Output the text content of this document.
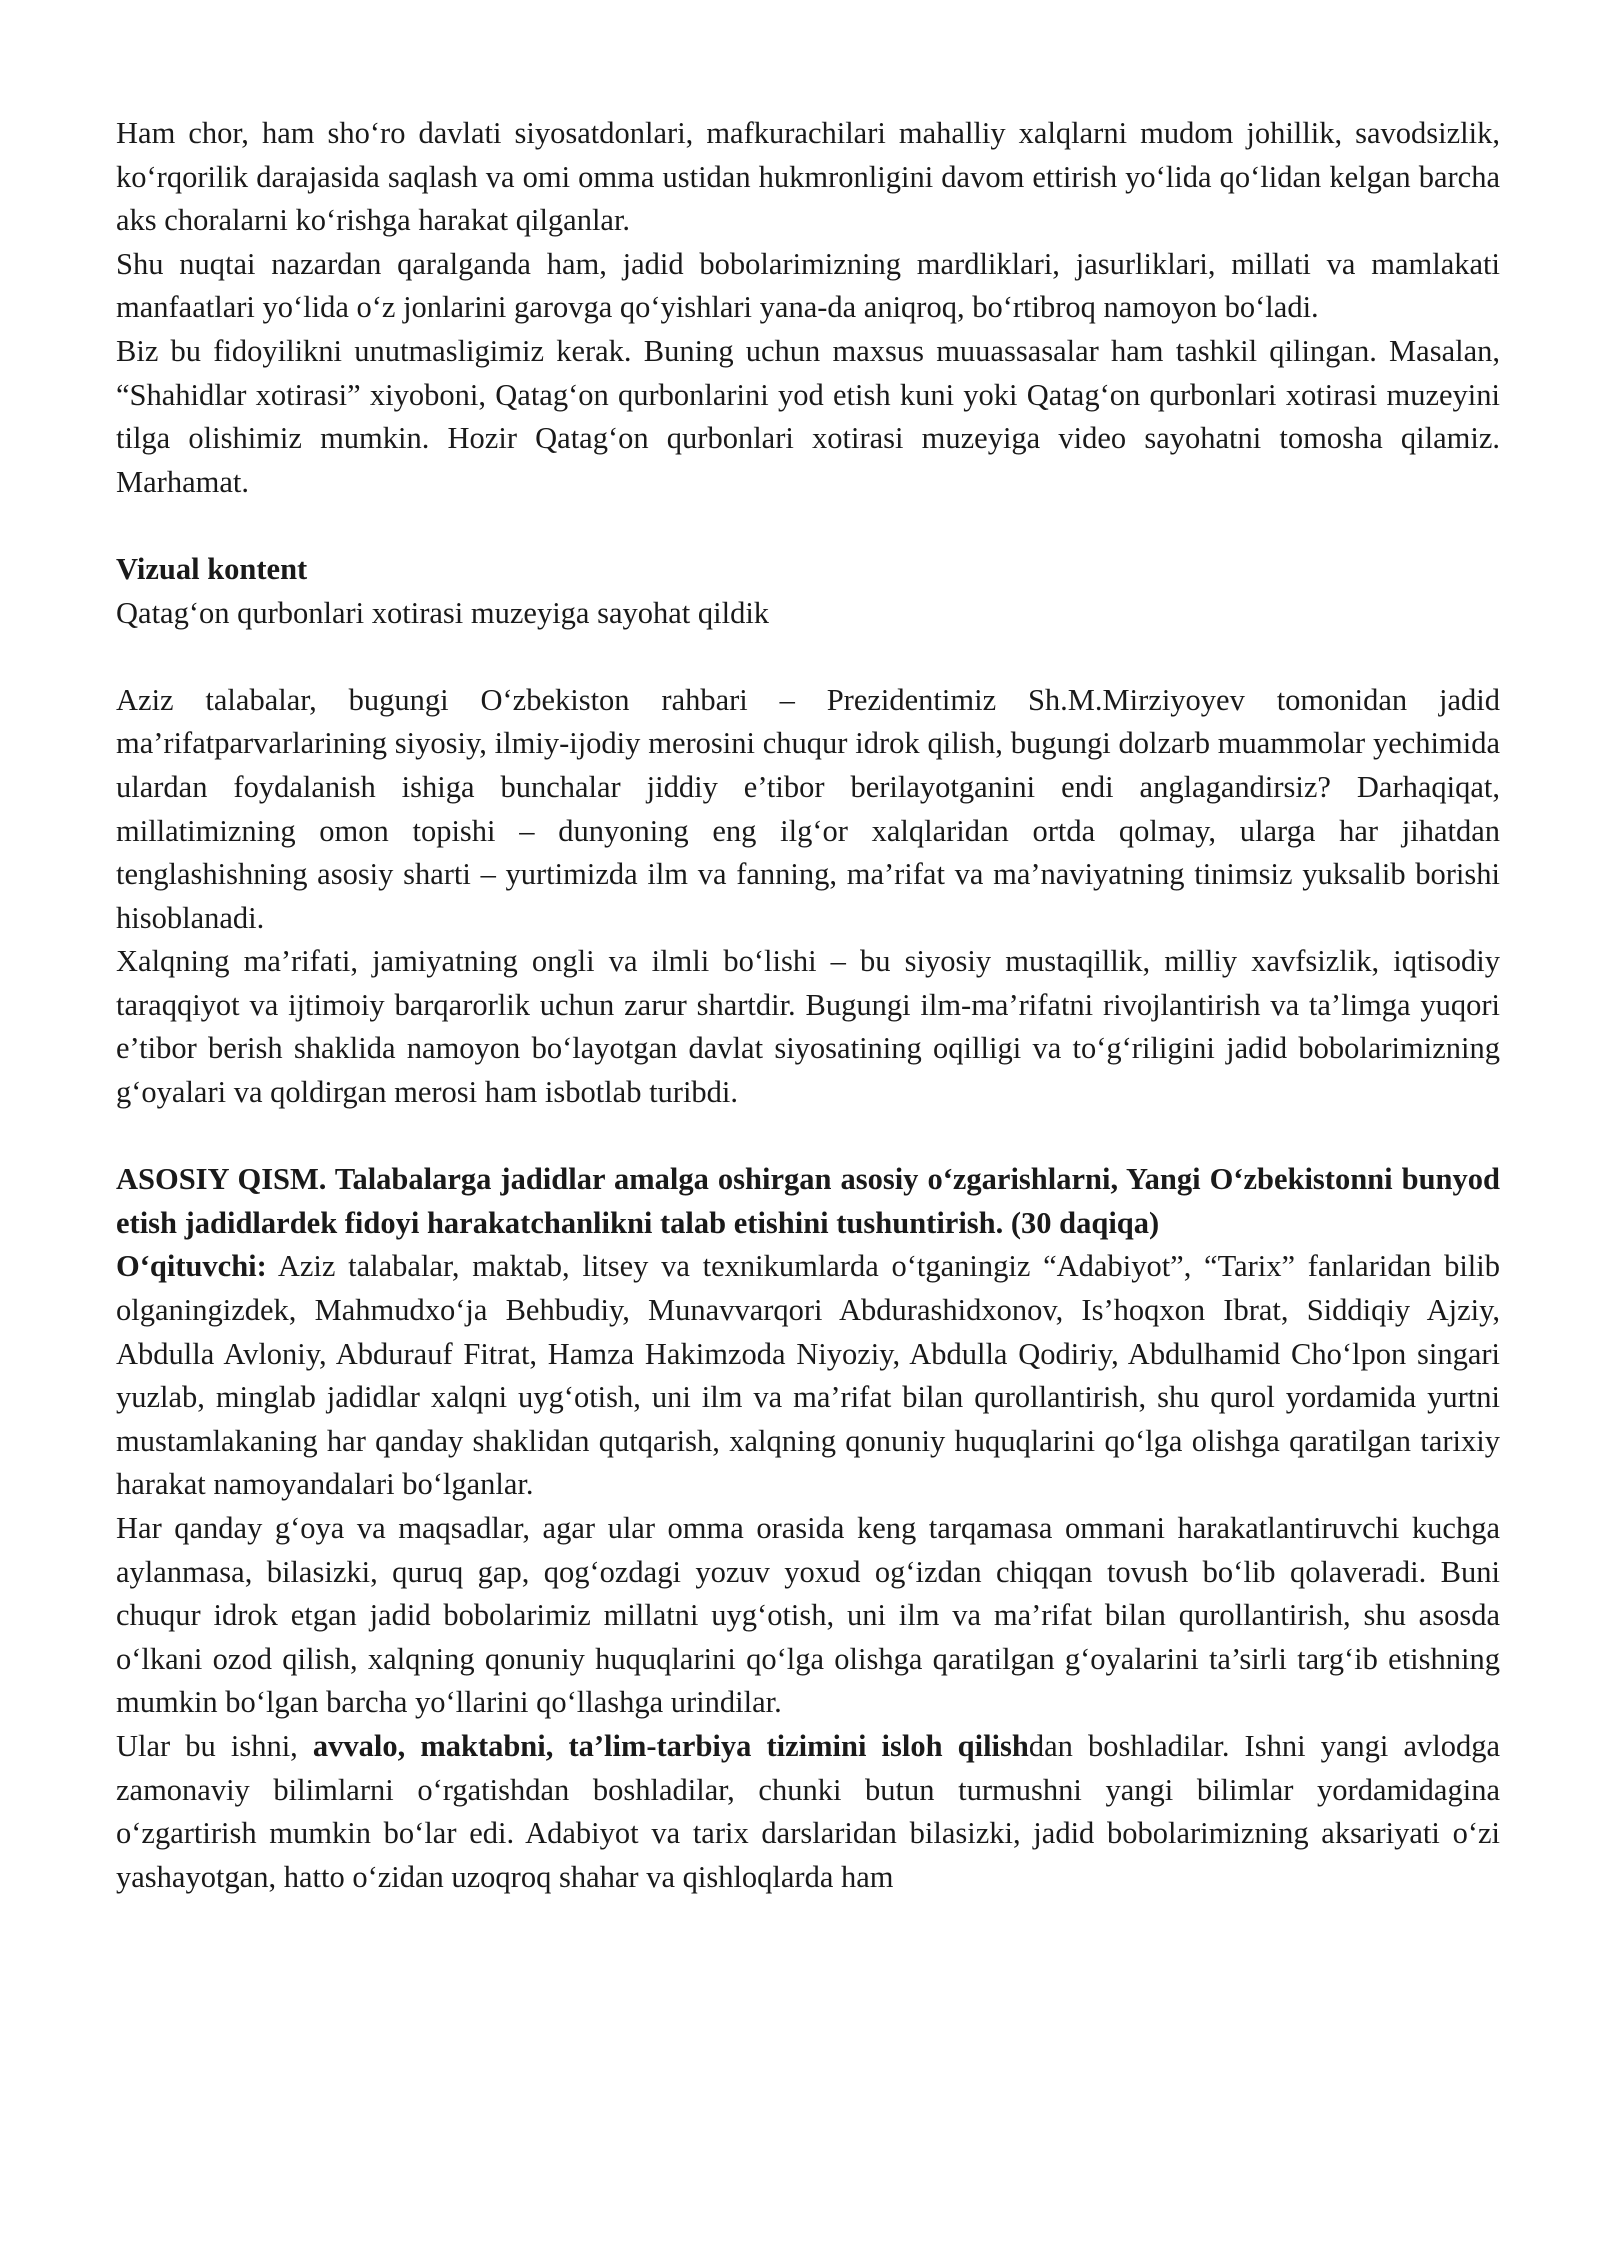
Ham chor, ham sho‘ro davlati siyosatdonlari, mafkurachilari mahalliy xalqlarni mudom johillik, savodsizlik, ko‘rqorilik darajasida saqlash va omi omma ustidan hukmronligini davom ettirish yo‘lida qo‘lidan kelgan barcha aks choralarni ko‘rishga harakat qilganlar.

Shu nuqtai nazardan qaralganda ham, jadid bobolarimizning mardliklari, jasurliklari, millati va mamlakati manfaatlari yo‘lida o‘z jonlarini garovga qo‘yishlari yana-da aniqroq, bo‘rtibroq namoyon bo‘ladi.

Biz bu fidoyilikni unutmasligimiz kerak. Buning uchun maxsus muuassasalar ham tashkil qilingan. Masalan, “Shahidlar xotirasi” xiyoboni, Qatag‘on qurbonlarini yod etish kuni yoki Qatag‘on qurbonlari xotirasi muzeyini tilga olishimiz mumkin. Hozir Qatag‘on qurbonlari xotirasi muzeyiga video sayohatni tomosha qilamiz. Marhamat.

Vizual kontent

Qatag‘on qurbonlari xotirasi muzeyiga sayohat qildik

Aziz talabalar, bugungi O‘zbekiston rahbari – Prezidentimiz Sh.M.Mirziyoyev tomonidan jadid ma’rifatparvarlarining siyosiy, ilmiy-ijodiy merosini chuqur idrok qilish, bugungi dolzarb muammolar yechimida ulardan foydalanish ishiga bunchalar jiddiy e’tibor berilayotganini endi anglagandirsiz? Darhaqiqat, millatimizning omon topishi – dunyoning eng ilg‘or xalqlaridan ortda qolmay, ularga har jihatdan tenglashishning asosiy sharti – yurtimizda ilm va fanning, ma’rifat va ma’naviyatning tinimsiz yuksalib borishi hisoblanadi.

Xalqning ma’rifati, jamiyatning ongli va ilmli bo‘lishi – bu siyosiy mustaqillik, milliy xavfsizlik, iqtisodiy taraqqiyot va ijtimoiy barqarorlik uchun zarur shartdir. Bugungi ilm-ma’rifatni rivojlantirish va ta’limga yuqori e’tibor berish shaklida namoyon bo‘layotgan davlat siyosatining oqilligi va to‘g‘riligini jadid bobolarimizning g‘oyalari va qoldirgan merosi ham isbotlab turibdi.

ASOSIY QISM. Talabalarga jadidlar amalga oshirgan asosiy o‘zgarishlarni, Yangi O‘zbekistonni bunyod etish jadidlardek fidoyi harakatchanlikni talab etishini tushuntirish. (30 daqiqa)

O‘qituvchi: Aziz talabalar, maktab, litsey va texnikumlarda o‘tganingiz “Adabiyot”, “Tarix” fanlaridan bilib olganingizdek, Mahmudxo‘ja Behbudiy, Munavvarqori Abdurashidxonov, Is’hoqxon Ibrat, Siddiqiy Ajziy, Abdulla Avloniy, Abdurauf Fitrat, Hamza Hakimzoda Niyoziy, Abdulla Qodiriy, Abdulhamid Cho‘lpon singari yuzlab, minglab jadidlar xalqni uyg‘otish, uni ilm va ma’rifat bilan qurollantirish, shu qurol yordamida yurtni mustamlakaning har qanday shaklidan qutqarish, xalqning qonuniy huquqlarini qo‘lga olishga qaratilgan tarixiy harakat namoyandalari bo‘lganlar.

Har qanday g‘oya va maqsadlar, agar ular omma orasida keng tarqamasa ommani harakatlantiruvchi kuchga aylanmasa, bilasizki, quruq gap, qog‘ozdagi yozuv yoxud og‘izdan chiqqan tovush bo‘lib qolaveradi. Buni chuqur idrok etgan jadid bobolarimiz millatni uyg‘otish, uni ilm va ma’rifat bilan qurollantirish, shu asosda o‘lkani ozod qilish, xalqning qonuniy huquqlarini qo‘lga olishga qaratilgan g‘oyalarini ta’sirli targ‘ib etishning mumkin bo‘lgan barcha yo‘llarini qo‘llashga urindilar.

Ular bu ishni, avvalo, maktabni, ta’lim-tarbiya tizimini isloh qilishdan boshladilar. Ishni yangi avlodga zamonaviy bilimlarni o‘rgatishdan boshladilar, chunki butun turmushni yangi bilimlar yordamidagina o‘zgartirish mumkin bo‘lar edi. Adabiyot va tarix darslaridan bilasizki, jadid bobolarimizning aksariyati o‘zi yashayotgan, hatto o‘zidan uzoqroq shahar va qishloqlarda ham
